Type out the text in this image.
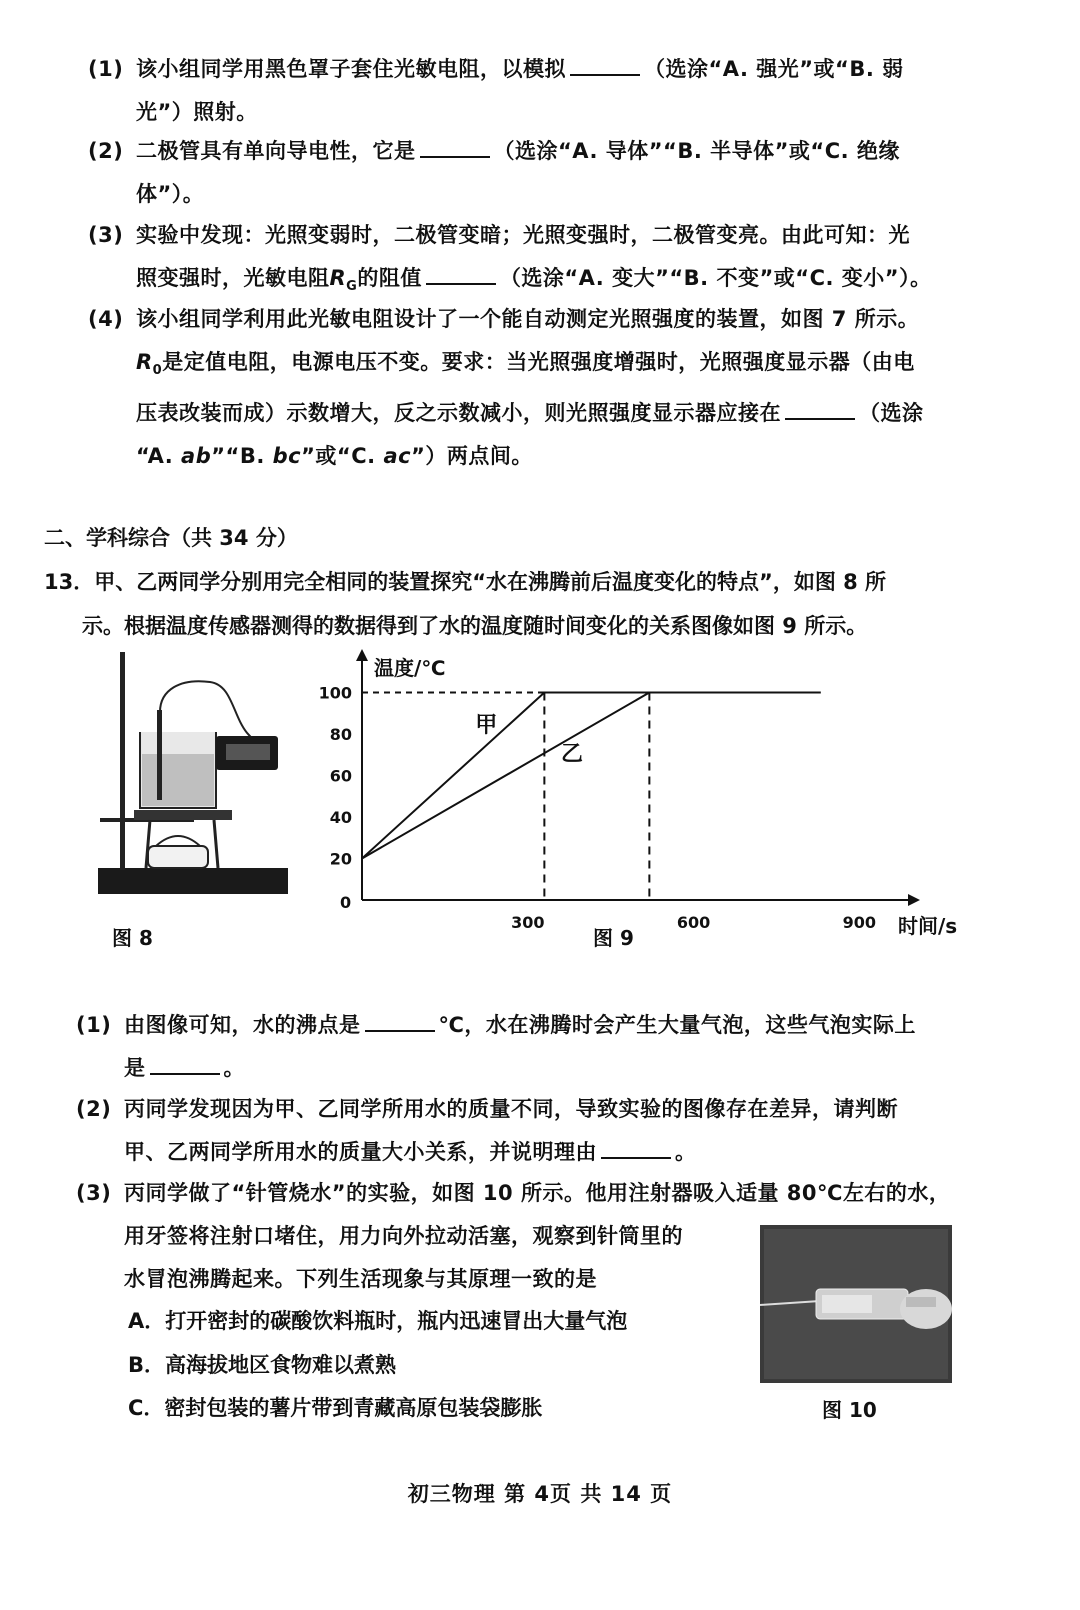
(1) 该小组同学用黑色罩子套住光敏电阻，以模拟	（选涂“A. 强光”或“B. 弱
光”）照射。
(2) 二极管具有单向导电性，它是	（选涂“A. 导体”“B. 半导体”或“C. 绝缘
体”）。
(3) 实验中发现：光照变弱时，二极管变暗；光照变强时，二极管变亮。由此可知：光
照变强时，光敏电阻$R_G$的阻值	（选涂“A. 变大”“B. 不变”或“C. 变小”）。
(4) 该小组同学利用此光敏电阻设计了一个能自动测定光照强度的装置，如图 7 所示。
$R_0$是定值电阻，电源电压不变。要求：当光照强度增强时，光照强度显示器（由电
压表改装而成）示数增大，反之示数减小，则光照强度显示器应接在	（选涂
“A. ab”“B. bc”或“C. ac”）两点间。
二、学科综合（共 34 分）
13．甲、乙两同学分别用完全相同的装置探究“水在沸腾前后温度变化的特点”，如图 8 所
示。根据温度传感器测得的数据得到了水的温度随时间变化的关系图像如图 9 所示。
图 8
温度/℃
时间/s
0
20
40
60
80
100
300	600	900
甲
乙
图 9
(1) 由图像可知，水的沸点是	℃，水在沸腾时会产生大量气泡，这些气泡实际上
是	。
(2) 丙同学发现因为甲、乙同学所用水的质量不同，导致实验的图像存在差异，请判断
甲、乙两同学所用水的质量大小关系，并说明理由	。
(3) 丙同学做了“针管烧水”的实验，如图 10 所示。他用注射器吸入适量 80℃左右的水，
用牙签将注射口堵住，用力向外拉动活塞，观察到针筒里的
水冒泡沸腾起来。下列生活现象与其原理一致的是
A．打开密封的碳酸饮料瓶时，瓶内迅速冒出大量气泡
B．高海拔地区食物难以煮熟
C．密封包装的薯片带到青藏高原包装袋膨胀	图 10
初三物理 第 4页 共 14 页
